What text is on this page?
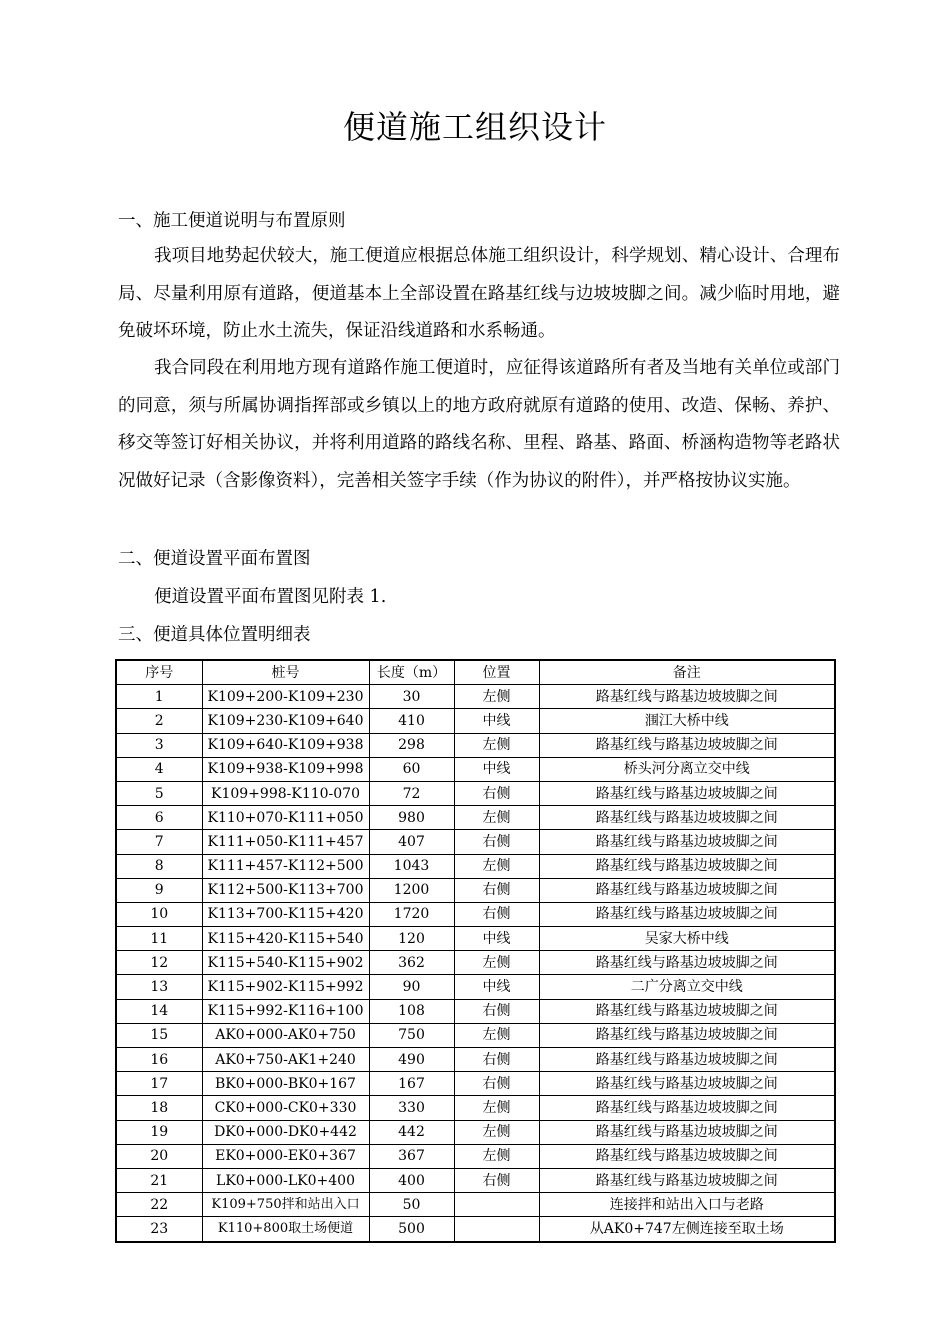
便道施工组织设计
一、施工便道说明与布置原则

我项目地势起伏较大，施工便道应根据总体施工组织设计，科学规划、精心设计、合理布局、尽量利用原有道路，便道基本上全部设置在路基红线与边坡坡脚之间。减少临时用地，避免破坏环境，防止水土流失，保证沿线道路和水系畅通。

我合同段在利用地方现有道路作施工便道时，应征得该道路所有者及当地有关单位或部门的同意，须与所属协调指挥部或乡镇以上的地方政府就原有道路的使用、改造、保畅、养护、移交等签订好相关协议，并将利用道路的路线名称、里程、路基、路面、桥涵构造物等老路状况做好记录（含影像资料），完善相关签字手续（作为协议的附件），并严格按协议实施。

二、便道设置平面布置图
便道设置平面布置图见附表 1.
三、便道具体位置明细表
序号	桩号	长度（m）	位置	备注
1	K109+200-K109+230	30	左侧	路基红线与路基边坡坡脚之间
2	K109+230-K109+640	410	中线	涠江大桥中线
3	K109+640-K109+938	298	左侧	路基红线与路基边坡坡脚之间
4	K109+938-K109+998	60	中线	桥头河分离立交中线
5	K109+998-K110-070	72	右侧	路基红线与路基边坡坡脚之间
6	K110+070-K111+050	980	左侧	路基红线与路基边坡坡脚之间
7	K111+050-K111+457	407	右侧	路基红线与路基边坡坡脚之间
8	K111+457-K112+500	1043	左侧	路基红线与路基边坡坡脚之间
9	K112+500-K113+700	1200	右侧	路基红线与路基边坡坡脚之间
10	K113+700-K115+420	1720	右侧	路基红线与路基边坡坡脚之间
11	K115+420-K115+540	120	中线	吴家大桥中线
12	K115+540-K115+902	362	左侧	路基红线与路基边坡坡脚之间
13	K115+902-K115+992	90	中线	二广分离立交中线
14	K115+992-K116+100	108	右侧	路基红线与路基边坡坡脚之间
15	AK0+000-AK0+750	750	左侧	路基红线与路基边坡坡脚之间
16	AK0+750-AK1+240	490	右侧	路基红线与路基边坡坡脚之间
17	BK0+000-BK0+167	167	右侧	路基红线与路基边坡坡脚之间
18	CK0+000-CK0+330	330	左侧	路基红线与路基边坡坡脚之间
19	DK0+000-DK0+442	442	左侧	路基红线与路基边坡坡脚之间
20	EK0+000-EK0+367	367	左侧	路基红线与路基边坡坡脚之间
21	LK0+000-LK0+400	400	右侧	路基红线与路基边坡坡脚之间
22	K109+750拌和站出入口	50		连接拌和站出入口与老路
23	K110+800取土场便道	500		从AK0+747左侧连接至取土场
